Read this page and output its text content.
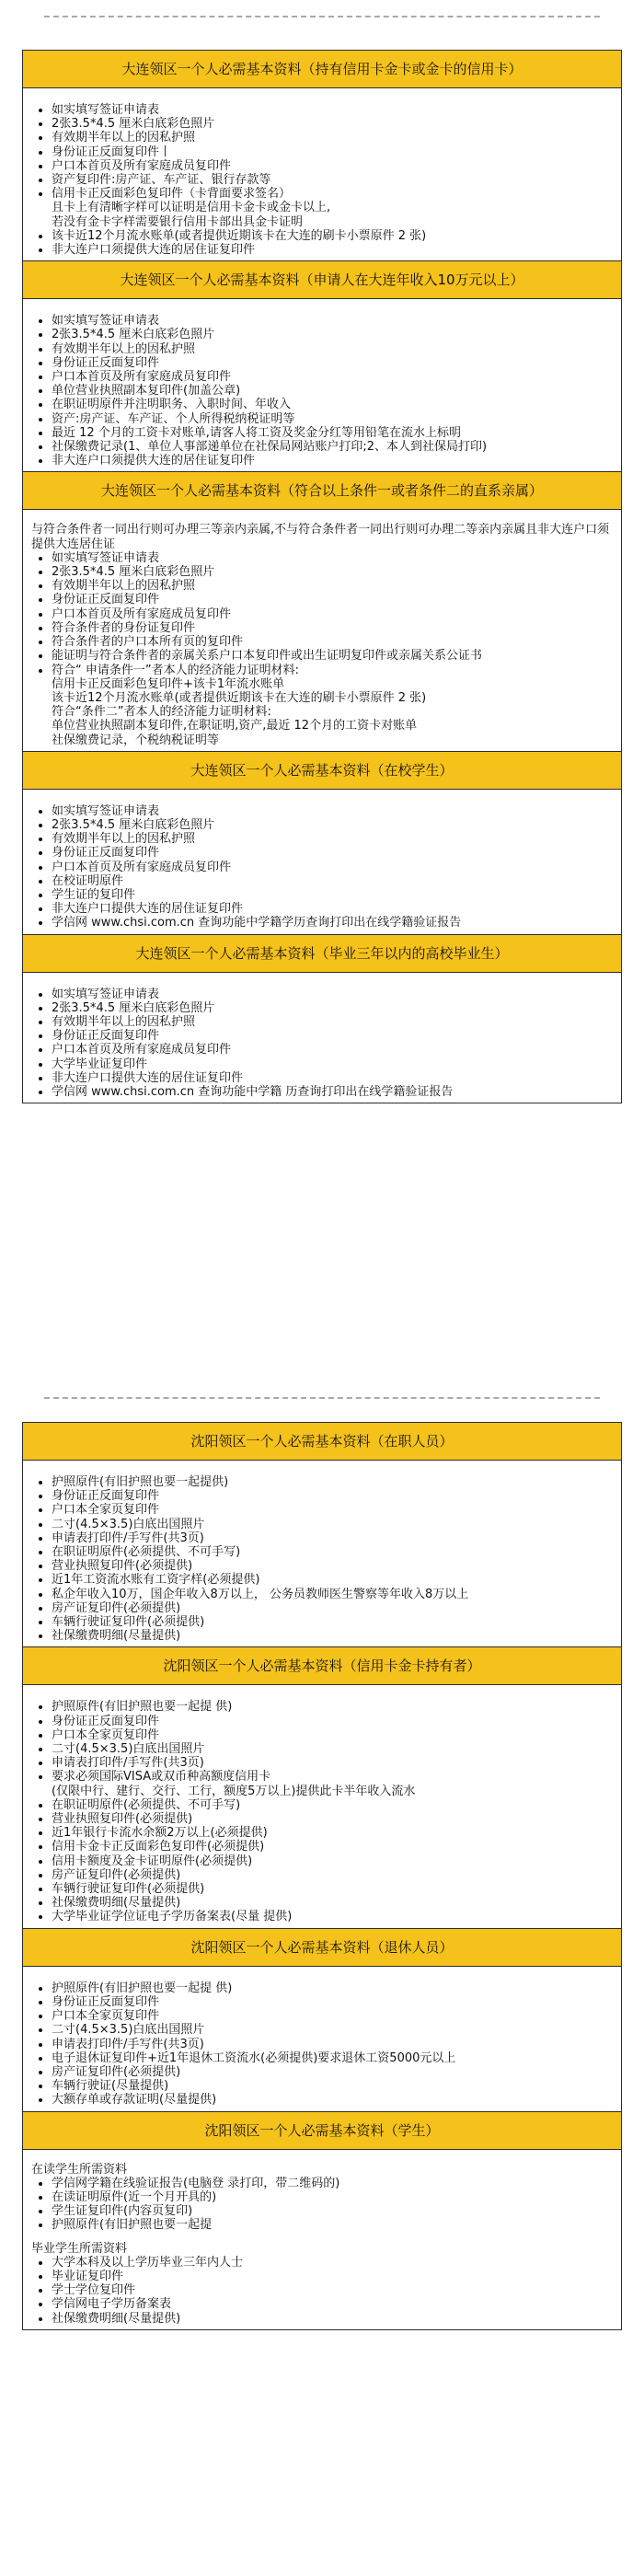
大连领区一个人必需基本资料（持有信用卡金卡或金卡的信用卡）
• 如实填写签证申请表
• 2张3.5*4.5 厘米白底彩色照片
• 有效期半年以上的因私护照
• 身份证正反面复印件丨
• 户口本首页及所有家庭成员复印件
• 资产复印件:房产证、车产证、银行存款等
• 信用卡正反面彩色复印件（卡背面要求签名）

且卡上有清晰字样可以证明是信用卡金卡或金卡以上,

若没有金卡字样需要银行信用卡部出具金卡证明

• 该卡近12个月流水账单(或者提供近期该卡在大连的刷卡小票原件 2 张)
• 非大连户口须提供大连的居住证复印件
大连领区一个人必需基本资料（申请人在大连年收入10万元以上）
• 如实填写签证申请表
• 2张3.5*4.5 厘米白底彩色照片
• 有效期半年以上的因私护照
• 身份证正反面复印件
• 户口本首页及所有家庭成员复印件
• 单位营业执照副本复印件(加盖公章)
• 在职证明原件并注明职务、入职时间、年收入
• 资产:房产证、车产证、个人所得税纳税证明等
• 最近 12 个月的工资卡对账单,请客人将工资及奖金分红等用铅笔在流水上标明
• 社保缴费记录(1、单位人事部递单位在社保局网站账户打印;2、本人到社保局打印)
• 非大连户口须提供大连的居住证复印件
大连领区一个人必需基本资料（符合以上条件一或者条件二的直系亲属）

与符合条件者一同出行则可办理三等亲内亲属,不与符合条件者一同出行则可办理二等亲内亲属且非大连户口须提供大连居住证

• 如实填写签证申请表
• 2张3.5*4.5 厘米白底彩色照片
• 有效期半年以上的因私护照
• 身份证正反面复印件
• 户口本首页及所有家庭成员复印件
• 符合条件者的身份证复印件
• 符合条件者的户口本所有页的复印件
• 能证明与符合条件者的亲属关系户口本复印件或出生证明复印件或亲属关系公证书
• 符合“ 申请条件一”者本人的经济能力证明材料:

信用卡正反面彩色复印件+该卡1年流水账单

该卡近12个月流水账单(或者提供近期该卡在大连的刷卡小票原件 2 张)

符合“条件二”者本人的经济能力证明材料:

单位营业执照副本复印件,在职证明,资产,最近 12个月的工资卡对账单

社保缴费记录，个税纳税证明等

大连领区一个人必需基本资料（在校学生）
• 如实填写签证申请表
• 2张3.5*4.5 厘米白底彩色照片
• 有效期半年以上的因私护照
• 身份证正反面复印件
• 户口本首页及所有家庭成员复印件
• 在校证明原件
• 学生证的复印件
• 非大连户口提供大连的居住证复印件
• 学信网 www.chsi.com.cn 查询功能中学籍学历查询打印出在线学籍验证报告
大连领区一个人必需基本资料（毕业三年以内的高校毕业生）
• 如实填写签证申请表
• 2张3.5*4.5 厘米白底彩色照片
• 有效期半年以上的因私护照
• 身份证正反面复印件
• 户口本首页及所有家庭成员复印件
• 大学毕业证复印件
• 非大连户口提供大连的居住证复印件
• 学信网 www.chsi.com.cn 查询功能中学籍 历查询打印出在线学籍验证报告
沈阳领区一个人必需基本资料（在职人员）
• 护照原件(有旧护照也要一起提供)
• 身份证正反面复印件
• 户口本全家页复印件
• 二寸(4.5×3.5)白底出国照片
• 申请表打印件/手写件(共3页)
• 在职证明原件(必须提供、不可手写)
• 营业执照复印件(必须提供)
• 近1年工资流水账有工资字样(必须提供)
• 私企年收入10万，国企年收入8万以上， 公务员教师医生警察等年收入8万以上
• 房产证复印件(必须提供)
• 车辆行驶证复印件(必须提供)
• 社保缴费明细(尽量提供)
沈阳领区一个人必需基本资料（信用卡金卡持有者）
• 护照原件(有旧护照也要一起提 供)
• 身份证正反面复印件
• 户口本全家页复印件
• 二寸(4.5×3.5)白底出国照片
• 申请表打印件/手写件(共3页)
• 要求必须国际VISA或双币种高额度信用卡

(仅限中行、建行、交行、工行，额度5万以上)提供此卡半年收入流水

• 在职证明原件(必须提供、不可手写)
• 营业执照复印件(必须提供)
• 近1年银行卡流水余额2万以上(必须提供)
• 信用卡金卡正反面彩色复印件(必须提供)
• 信用卡额度及金卡证明原件(必须提供)
• 房产证复印件(必须提供)
• 车辆行驶证复印件(必须提供)
• 社保缴费明细(尽量提供)
• 大学毕业证学位证电子学历备案表(尽量 提供)
沈阳领区一个人必需基本资料（退休人员）
• 护照原件(有旧护照也要一起提 供)
• 身份证正反面复印件
• 户口本全家页复印件
• 二寸(4.5×3.5)白底出国照片
• 申请表打印件/手写件(共3页)
• 电子退休证复印件+近1年退休工资流水(必须提供)要求退休工资5000元以上
• 房产证复印件(必须提供)
• 车辆行驶证(尽量提供)
• 大额存单或存款证明(尽量提供)
沈阳领区一个人必需基本资料（学生）

在读学生所需资料

• 学信网学籍在线验证报告(电脑登 录打印，带二维码的)
• 在读证明原件(近一个月开具的)
• 学生证复印件(内容页复印)
• 护照原件(有旧护照也要一起提

毕业学生所需资料

• 大学本科及以上学历毕业三年内人士
• 毕业证复印件
• 学士学位复印件
• 学信网电子学历备案表
• 社保缴费明细(尽量提供)
